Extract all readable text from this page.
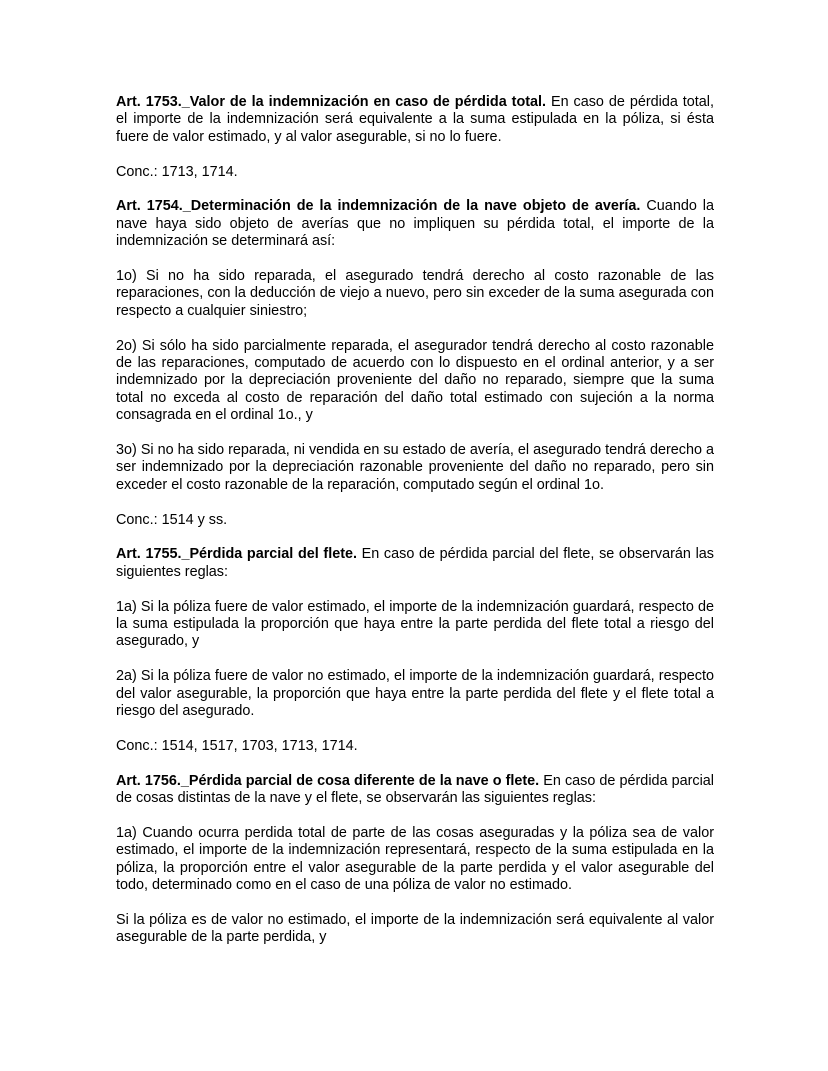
Art. 1753._Valor de la indemnización en caso de pérdida total. En caso de pérdida total, el importe de la indemnización será equivalente a la suma estipulada en la póliza, si ésta fuere de valor estimado, y al valor asegurable, si no lo fuere.

Conc.: 1713, 1714.

Art. 1754._Determinación de la indemnización de la nave objeto de avería. Cuando la nave haya sido objeto de averías que no impliquen su pérdida total, el importe de la indemnización se determinará así:

1o) Si no ha sido reparada, el asegurado tendrá derecho al costo razonable de las reparaciones, con la deducción de viejo a nuevo, pero sin exceder de la suma asegurada con respecto a cualquier siniestro;

2o) Si sólo ha sido parcialmente reparada, el asegurador tendrá derecho al costo razonable de las reparaciones, computado de acuerdo con lo dispuesto en el ordinal anterior, y a ser indemnizado por la depreciación proveniente del daño no reparado, siempre que la suma total no exceda al costo de reparación del daño total estimado con sujeción a la norma consagrada en el ordinal 1o., y

3o) Si no ha sido reparada, ni vendida en su estado de avería, el asegurado tendrá derecho a ser indemnizado por la depreciación razonable proveniente del daño no reparado, pero sin exceder el costo razonable de la reparación, computado según el ordinal 1o.

Conc.: 1514 y ss.

Art. 1755._Pérdida parcial del flete. En caso de pérdida parcial del flete, se observarán las siguientes reglas:

1a) Si la póliza fuere de valor estimado, el importe de la indemnización guardará, respecto de la suma estipulada la proporción que haya entre la parte perdida del flete total a riesgo del asegurado, y

2a) Si la póliza fuere de valor no estimado, el importe de la indemnización guardará, respecto del valor asegurable, la proporción que haya entre la parte perdida del flete y el flete total a riesgo del asegurado.

Conc.: 1514, 1517, 1703, 1713, 1714.

Art. 1756._Pérdida parcial de cosa diferente de la nave o flete. En caso de pérdida parcial de cosas distintas de la nave y el flete, se observarán las siguientes reglas:

1a) Cuando ocurra perdida total de parte de las cosas aseguradas y la póliza sea de valor estimado, el importe de la indemnización representará, respecto de la suma estipulada en la póliza, la proporción entre el valor asegurable de la parte perdida y el valor asegurable del todo, determinado como en el caso de una póliza de valor no estimado.

Si la póliza es de valor no estimado, el importe de la indemnización será equivalente al valor asegurable de la parte perdida, y
